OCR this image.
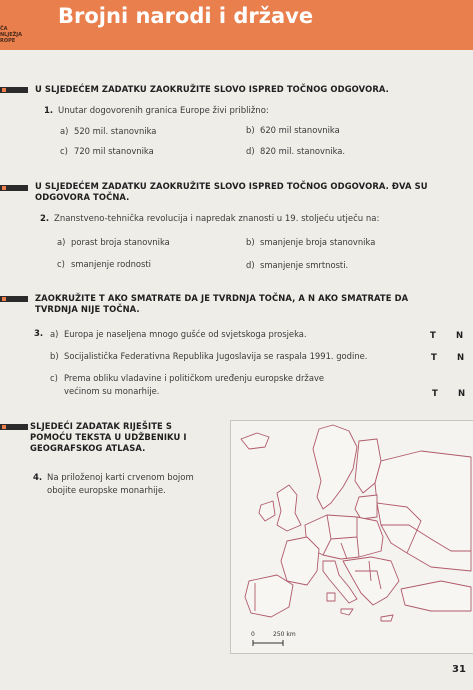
ČA
NLJEŽJA
ROPE
Brojni narodi i države
U SLJEDEĆEM ZADATKU ZAOKRUŽITE SLOVO ISPRED TOČNOG ODGOVORA.
1. Unutar dogovorenih granica Europe živi približno:
a) 520 mil. stanovnika	b) 620 mil stanovnika
c) 720 mil stanovnika	d) 820 mil. stanovnika.
U SLJEDEĆEM ZADATKU ZAOKRUŽITE SLOVO ISPRED TOČNOG ODGOVORA. ĐVA SU
ODGOVORA TOČNA.
2. Znanstveno-tehnička revolucija i napredak znanosti u 19. stoljeću utječu na:
a) porast broja stanovnika	b) smanjenje broja stanovnika
c) smanjenje rodnosti	d) smanjenje smrtnosti.
ZAOKRUŽITE T AKO SMATRATE DA JE TVRDNJA TOČNA, A N AKO SMATRATE DA
TVRDNJA NIJE TOČNA.
3. a) Europa je naseljena mnogo gušće od svjetskoga prosjeka.	T N
b) Socijalistička Federativna Republika Jugoslavija se raspala 1991. godine.	T N
c) Prema obliku vladavine i političkom uređenju europske države
većinom su monarhije.	T N
SLJEDEĆI ZADATAK RIJEŠITE S
POMOĆU TEKSTA U UDŽBENIKU I
GEOGRAFSKOG ATLASA.
4. Na priloženoj karti crvenom bojom
obojite europske monarhije.
0	250 km
31
